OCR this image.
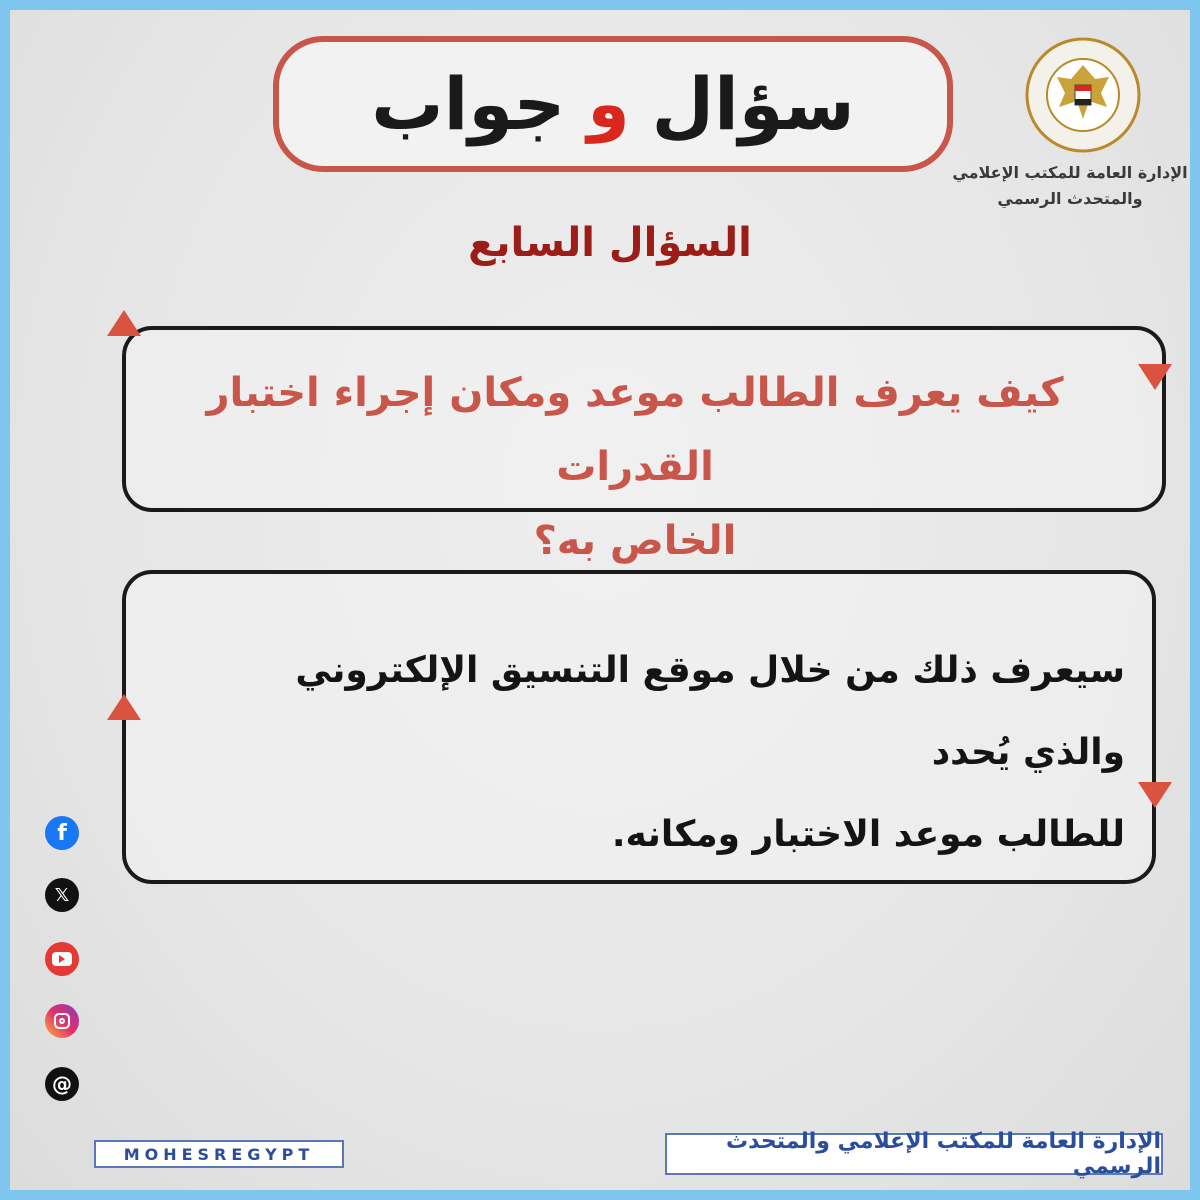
سؤال
و
جواب
الإدارة العامة للمكتب الإعلامي
والمتحدث الرسمي
السؤال السابع
كيف يعرف الطالب موعد ومكان إجراء اختبار القدرات
الخاص به؟
سيعرف ذلك من خلال موقع التنسيق الإلكتروني والذي يُحدد
للطالب موعد الاختبار ومكانه.
f
𝕏
@
MOHESREGYPT	الإدارة العامة للمكتب الإعلامي والمتحدث الرسمي
